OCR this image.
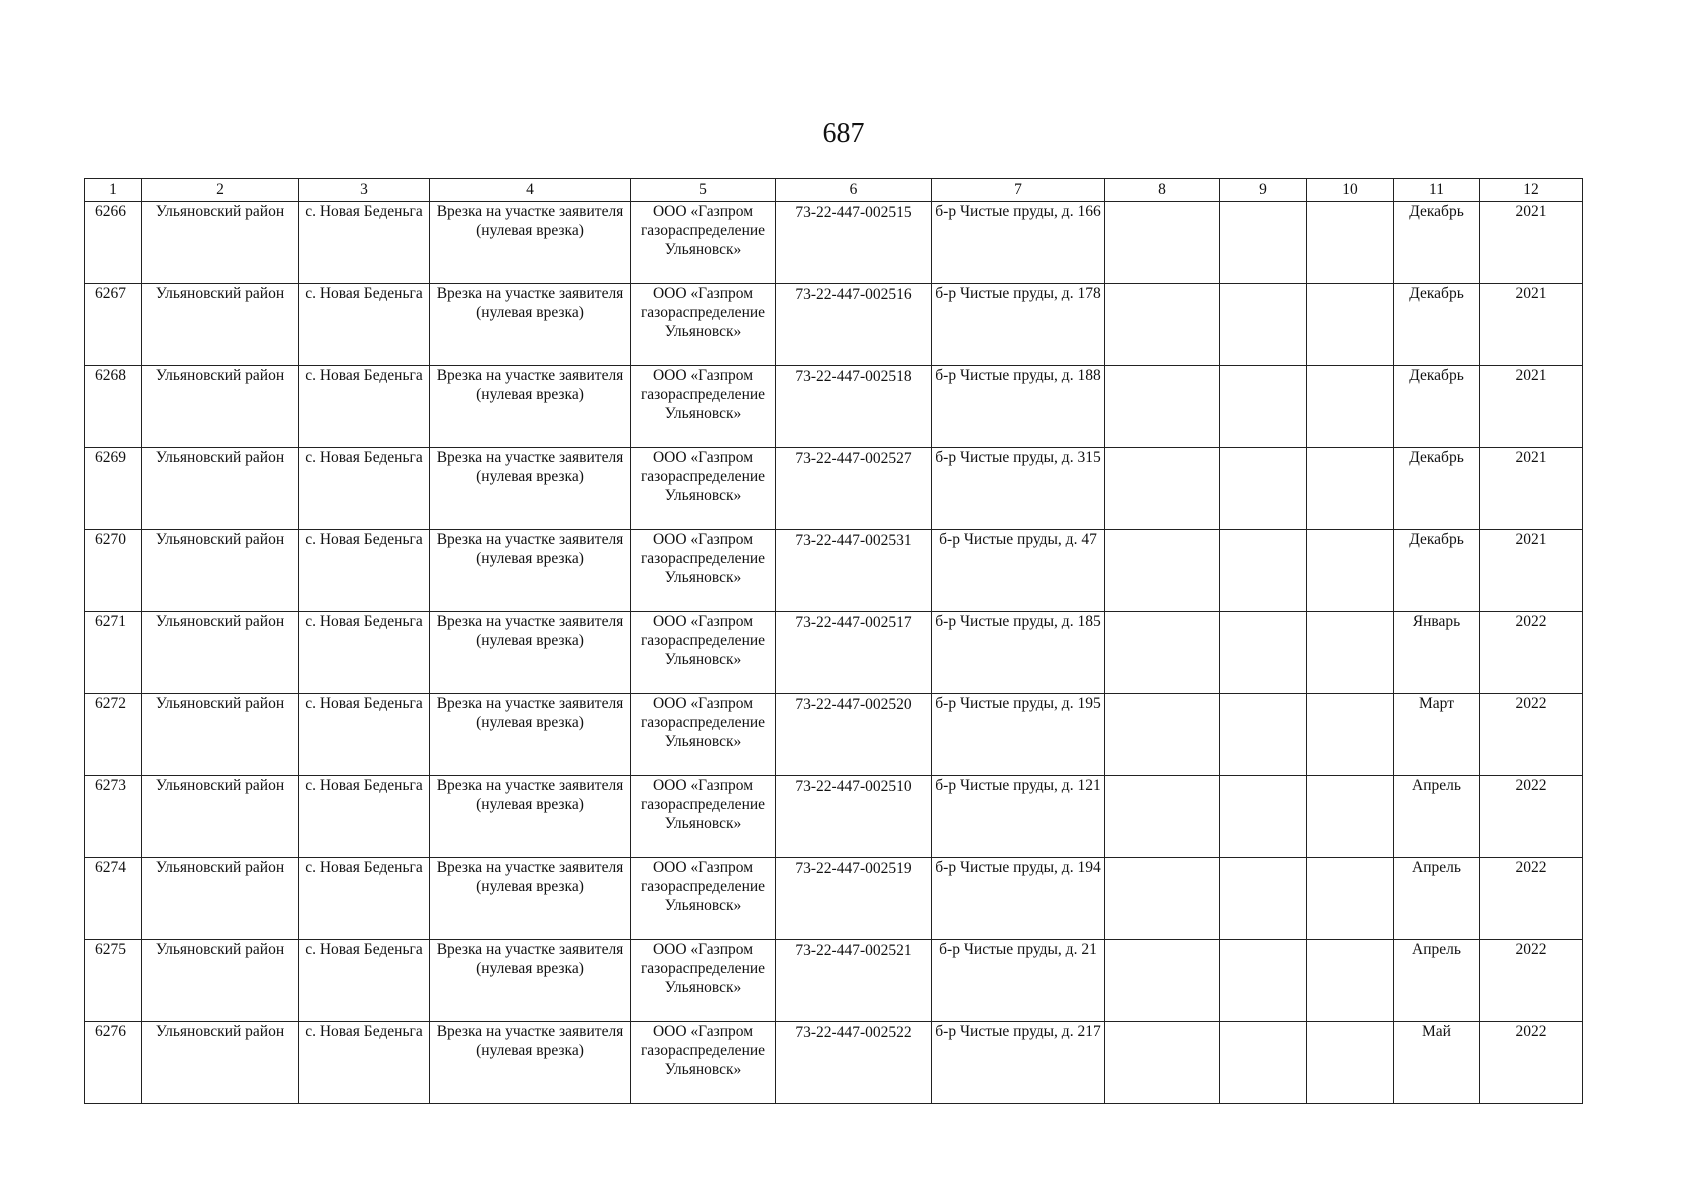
687
1	2	3	4	5	6	7	8	9	10	11	12
6266	Ульяновский район	с. Новая Беденьга	Врезка на участке заявителя (нулевая врезка)	ООО «Газпром газораспределение Ульяновск»	73-22-447-002515	б-р Чистые пруды, д. 166				Декабрь	2021
6267	Ульяновский район	с. Новая Беденьга	Врезка на участке заявителя (нулевая врезка)	ООО «Газпром газораспределение Ульяновск»	73-22-447-002516	б-р Чистые пруды, д. 178				Декабрь	2021
6268	Ульяновский район	с. Новая Беденьга	Врезка на участке заявителя (нулевая врезка)	ООО «Газпром газораспределение Ульяновск»	73-22-447-002518	б-р Чистые пруды, д. 188				Декабрь	2021
6269	Ульяновский район	с. Новая Беденьга	Врезка на участке заявителя (нулевая врезка)	ООО «Газпром газораспределение Ульяновск»	73-22-447-002527	б-р Чистые пруды, д. 315				Декабрь	2021
6270	Ульяновский район	с. Новая Беденьга	Врезка на участке заявителя (нулевая врезка)	ООО «Газпром газораспределение Ульяновск»	73-22-447-002531	б-р Чистые пруды, д. 47				Декабрь	2021
6271	Ульяновский район	с. Новая Беденьга	Врезка на участке заявителя (нулевая врезка)	ООО «Газпром газораспределение Ульяновск»	73-22-447-002517	б-р Чистые пруды, д. 185				Январь	2022
6272	Ульяновский район	с. Новая Беденьга	Врезка на участке заявителя (нулевая врезка)	ООО «Газпром газораспределение Ульяновск»	73-22-447-002520	б-р Чистые пруды, д. 195				Март	2022
6273	Ульяновский район	с. Новая Беденьга	Врезка на участке заявителя (нулевая врезка)	ООО «Газпром газораспределение Ульяновск»	73-22-447-002510	б-р Чистые пруды, д. 121				Апрель	2022
6274	Ульяновский район	с. Новая Беденьга	Врезка на участке заявителя (нулевая врезка)	ООО «Газпром газораспределение Ульяновск»	73-22-447-002519	б-р Чистые пруды, д. 194				Апрель	2022
6275	Ульяновский район	с. Новая Беденьга	Врезка на участке заявителя (нулевая врезка)	ООО «Газпром газораспределение Ульяновск»	73-22-447-002521	б-р Чистые пруды, д. 21				Апрель	2022
6276	Ульяновский район	с. Новая Беденьга	Врезка на участке заявителя (нулевая врезка)	ООО «Газпром газораспределение Ульяновск»	73-22-447-002522	б-р Чистые пруды, д. 217				Май	2022
